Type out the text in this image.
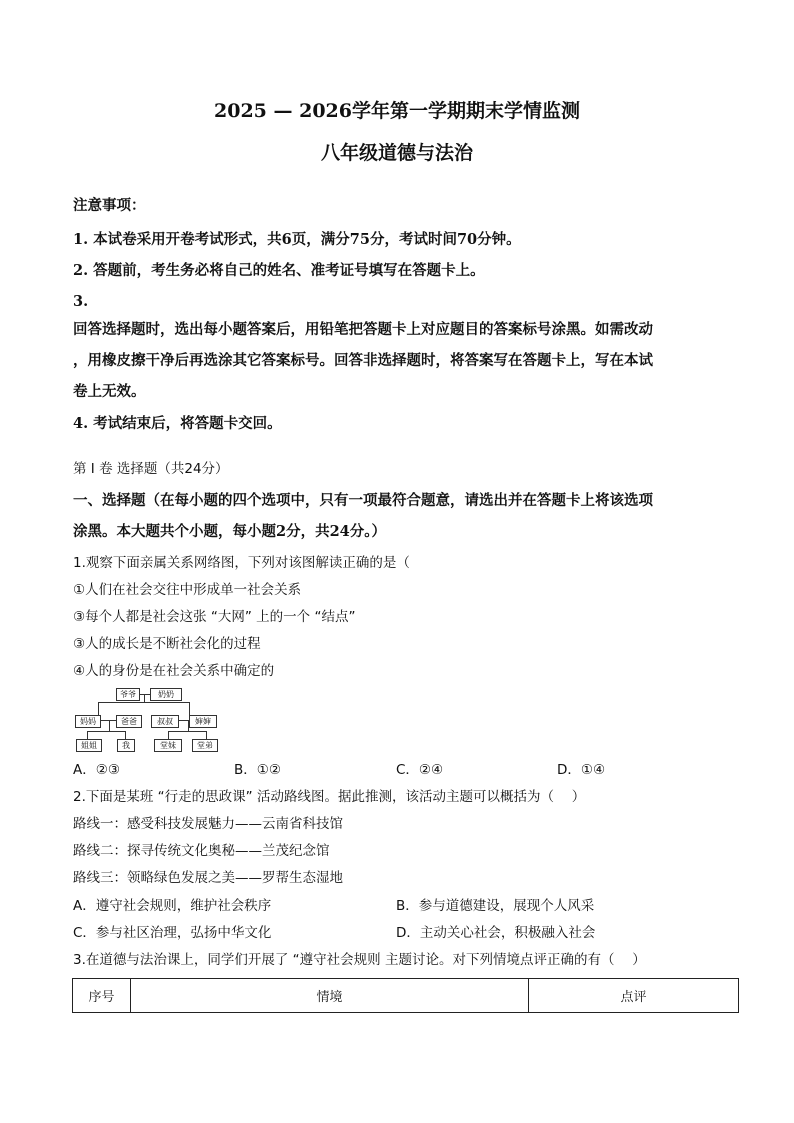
2025 — 2026学年第一学期期末学情监测
八年级道德与法治
注意事项：
1. 本试卷采用开卷考试形式，共6页，满分75分，考试时间70分钟。
2. 答题前，考生务必将自己的姓名、准考证号填写在答题卡上。
3.
回答选择题时，选出每小题答案后，用铅笔把答题卡上对应题目的答案标号涂黑。如需改动
，用橡皮擦干净后再选涂其它答案标号。回答非选择题时，将答案写在答题卡上，写在本试
卷上无效。
4. 考试结束后，将答题卡交回。
第 I 卷 选择题（共24分）
一、选择题（在每小题的四个选项中，只有一项最符合题意，请选出并在答题卡上将该选项
涂黑。本大题共个小题，每小题2分，共24分。）
1.观察下面亲属关系网络图，下列对该图解读正确的是（
①人们在社会交往中形成单一社会关系
③每个人都是社会这张 “大网” 上的一个 “结点”
③人的成长是不断社会化的过程
④人的身份是在社会关系中确定的
爷爷	奶奶
妈妈	爸爸	叔叔	婶婶
姐姐	我	堂妹	堂弟
A．②③	B．①②	C．②④	D．①④
2.下面是某班 “行走的思政课” 活动路线图。据此推测，该活动主题可以概括为（　 ）
路线一：感受科技发展魅力——云南省科技馆
路线二：探寻传统文化奥秘——兰茂纪念馆
路线三：领略绿色发展之美——罗帮生态湿地
A．遵守社会规则，维护社会秩序	B．参与道德建设，展现个人风采
C．参与社区治理，弘扬中华文化	D．主动关心社会，积极融入社会
3.在道德与法治课上，同学们开展了 “遵守社会规则 主题讨论。对下列情境点评正确的有（　 ）
序号	情境	点评
